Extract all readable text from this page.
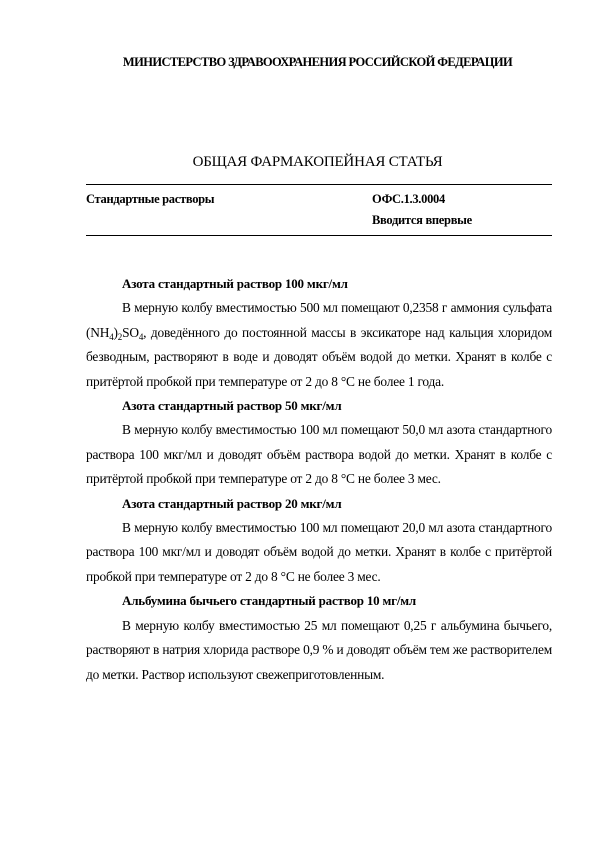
МИНИСТЕРСТВО ЗДРАВООХРАНЕНИЯ РОССИЙСКОЙ ФЕДЕРАЦИИ
ОБЩАЯ ФАРМАКОПЕЙНАЯ СТАТЬЯ
Стандартные растворы	ОФС.1.3.0004
Вводится впервые

Азота стандартный раствор 100 мкг/мл

В мерную колбу вместимостью 500 мл помещают 0,2358 г аммония сульфата $(NH_4)_2SO_4$, доведённого до постоянной массы в эксикаторе над кальция хлоридом безводным, растворяют в воде и доводят объём водой до метки. Хранят в колбе с притёртой пробкой при температуре от 2 до 8 °С не более 1 года.

Азота стандартный раствор 50 мкг/мл

В мерную колбу вместимостью 100 мл помещают 50,0 мл азота стандартного раствора 100 мкг/мл и доводят объём раствора водой до метки. Хранят в колбе с притёртой пробкой при температуре от 2 до 8 °С не более 3 мес.

Азота стандартный раствор 20 мкг/мл

В мерную колбу вместимостью 100 мл помещают 20,0 мл азота стандартного раствора 100 мкг/мл и доводят объём водой до метки. Хранят в колбе с притёртой пробкой при температуре от 2 до 8 °С не более 3 мес.

Альбумина бычьего стандартный раствор 10 мг/мл

В мерную колбу вместимостью 25 мл помещают 0,25 г альбумина бычьего, растворяют в натрия хлорида растворе 0,9 % и доводят объём тем же растворителем до метки. Раствор используют свежеприготовленным.
